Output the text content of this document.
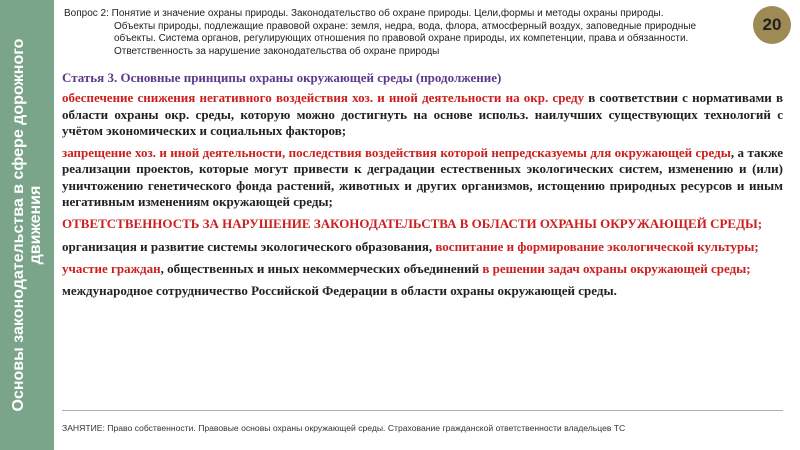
Основы законодательства в сфере дорожного движения

Вопрос 2: Понятие и значение охраны природы. Законодательство об охране природы. Цели,формы и методы охраны природы.

Объекты природы, подлежащие правовой охране: земля, недра, вода, флора, атмосферный воздух, заповедные природные объекты. Система органов, регулирующих отношения по правовой охране природы, их компетенции, права и обязанности. Ответственность за нарушение законодательства об охране природы

20

Статья 3. Основные принципы охраны окружающей среды (продолжение)

обеспечение снижения негативного воздействия хоз. и иной деятельности на окр. среду в соответствии с нормативами в области охраны окр. среды, которую можно достигнуть на основе использ. наилучших существующих технологий с учётом экономических и социальных факторов;

запрещение хоз. и иной деятельности, последствия воздействия которой непредсказуемы для окружающей среды, а также реализации проектов, которые могут привести к деградации естественных экологических систем, изменению и (или) уничтожению генетического фонда растений, животных и других организмов, истощению природных ресурсов и иным негативным изменениям окружающей среды;

ОТВЕТСТВЕННОСТЬ ЗА НАРУШЕНИЕ ЗАКОНОДАТЕЛЬСТВА В ОБЛАСТИ ОХРАНЫ ОКРУЖАЮЩЕЙ СРЕДЫ;

организация и развитие системы экологического образования, воспитание и формирование экологической культуры;

участие граждан, общественных и иных некоммерческих объединений в решении задач охраны окружающей среды;

международное сотрудничество Российской Федерации в области охраны окружающей среды.

ЗАНЯТИЕ: Право собственности. Правовые основы охраны окружающей среды. Страхование гражданской ответственности владельцев ТС
